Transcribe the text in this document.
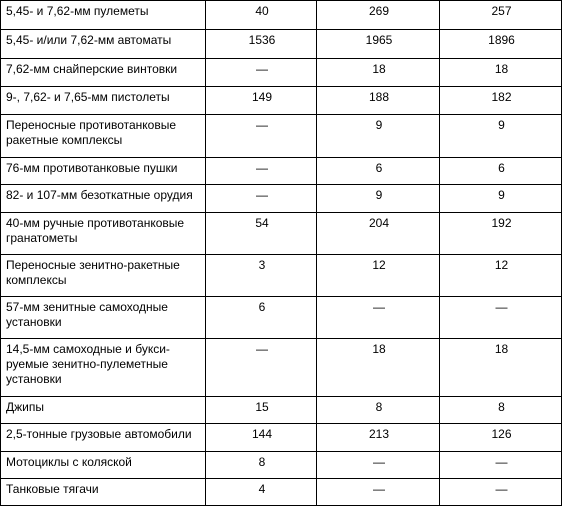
5,45- и 7,62-мм пулеметы	40	269	257
5,45- и/или 7,62-мм автоматы	1536	1965	1896
7,62-мм снайперские винтовки	—	18	18
9-, 7,62- и 7,65-мм пистолеты	149	188	182
Переносные противотанковые ракетные комплексы	—	9	9
76-мм противотанковые пушки	—	6	6
82- и 107-мм безоткатные орудия	—	9	9
40-мм ручные противотанковые гранатометы	54	204	192
Переносные зенитно-ракетные комплексы	3	12	12
57-мм зенитные самоходные установки	6	—	—
14,5-мм самоходные и букси-руемые зенитно-пулеметные установки	—	18	18
Джипы	15	8	8
2,5-тонные грузовые автомобили	144	213	126
Мотоциклы с коляской	8	—	—
Танковые тягачи	4	—	—
